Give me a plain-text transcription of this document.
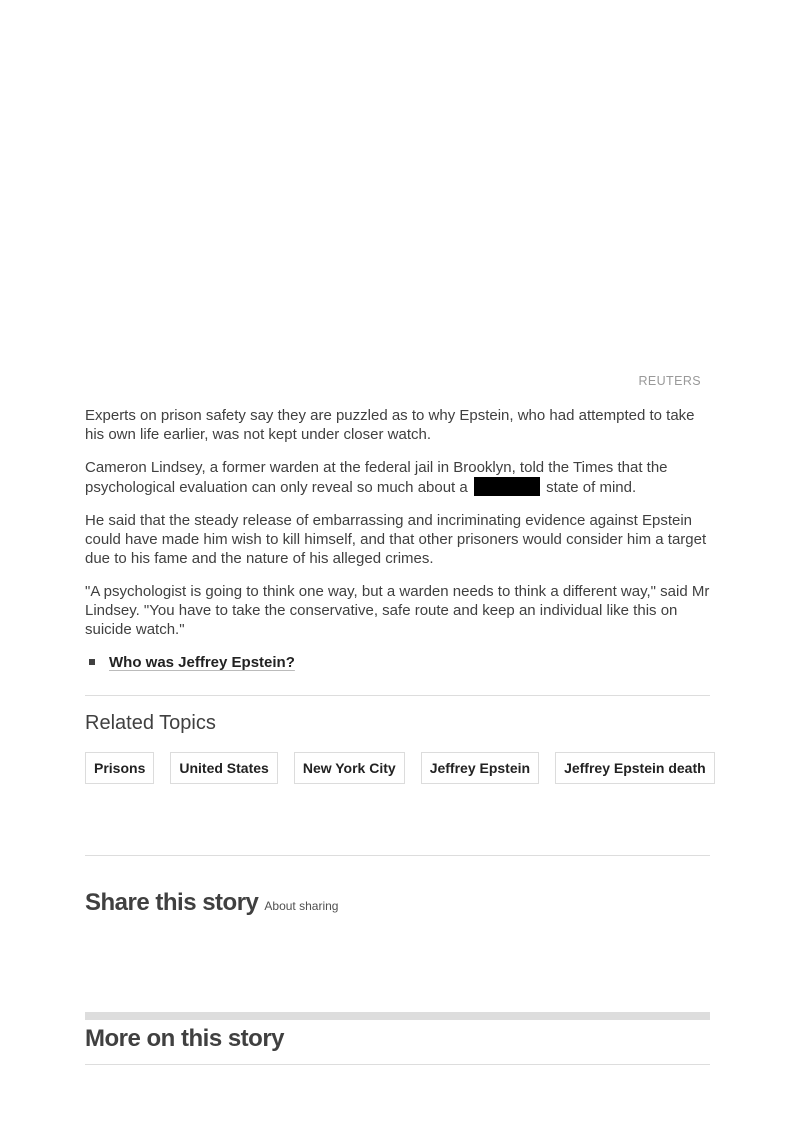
REUTERS

Experts on prison safety say they are puzzled as to why Epstein, who had attempted to take his own life earlier, was not kept under closer watch.

Cameron Lindsey, a former warden at the federal jail in Brooklyn, told the Times that the psychological evaluation can only reveal so much about a	state of mind.

He said that the steady release of embarrassing and incriminating evidence against Epstein could have made him wish to kill himself, and that other prisoners would consider him a target due to his fame and the nature of his alleged crimes.

"A psychologist is going to think one way, but a warden needs to think a different way," said Mr Lindsey. "You have to take the conservative, safe route and keep an individual like this on suicide watch."

Who was Jeffrey Epstein?
Related Topics
Prisons	United States	New York City	Jeffrey Epstein	Jeffrey Epstein death
Share this story About sharing
More on this story
